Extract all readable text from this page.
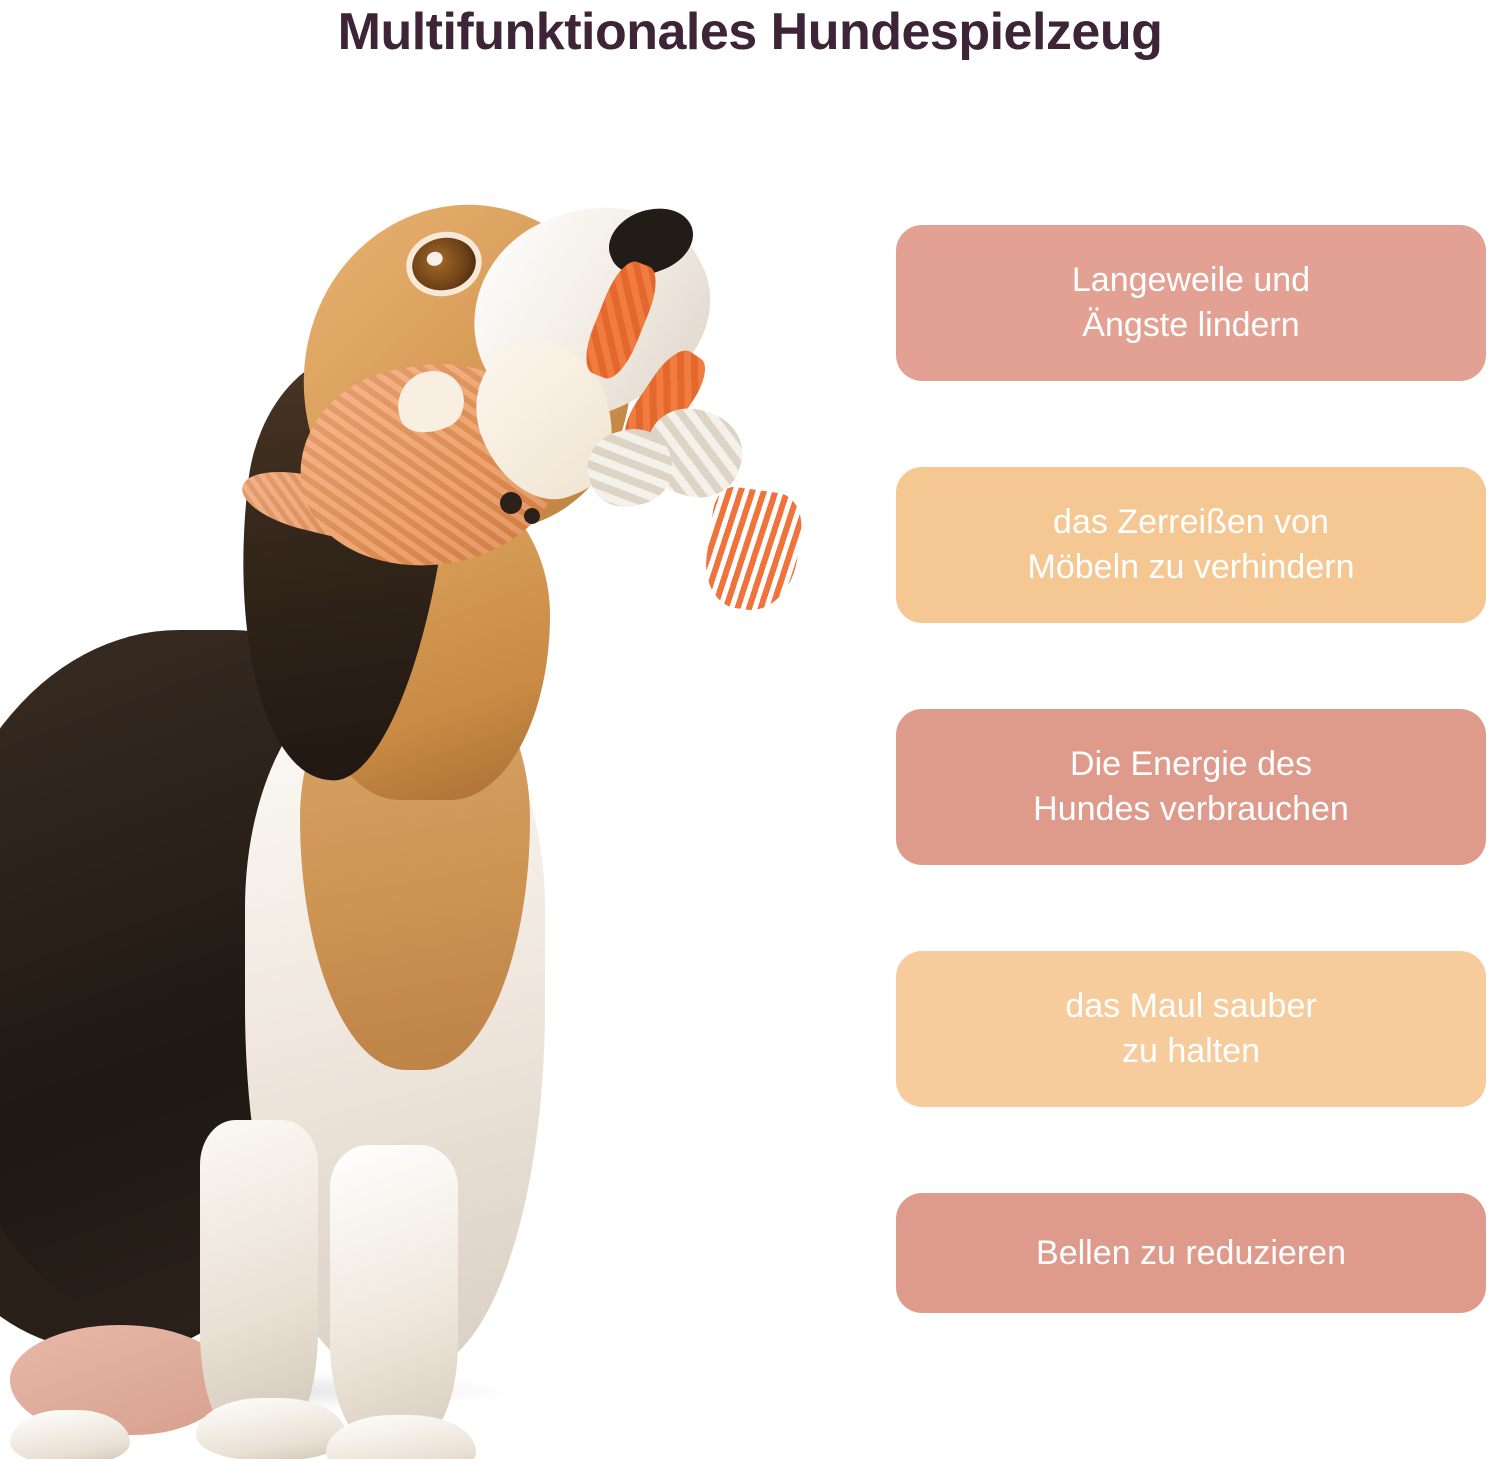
Multifunktionales Hundespielzeug
Langeweile und
Ängste lindern
das Zerreißen von
Möbeln zu verhindern
Die Energie des
Hundes verbrauchen
das Maul sauber
zu halten
Bellen zu reduzieren
